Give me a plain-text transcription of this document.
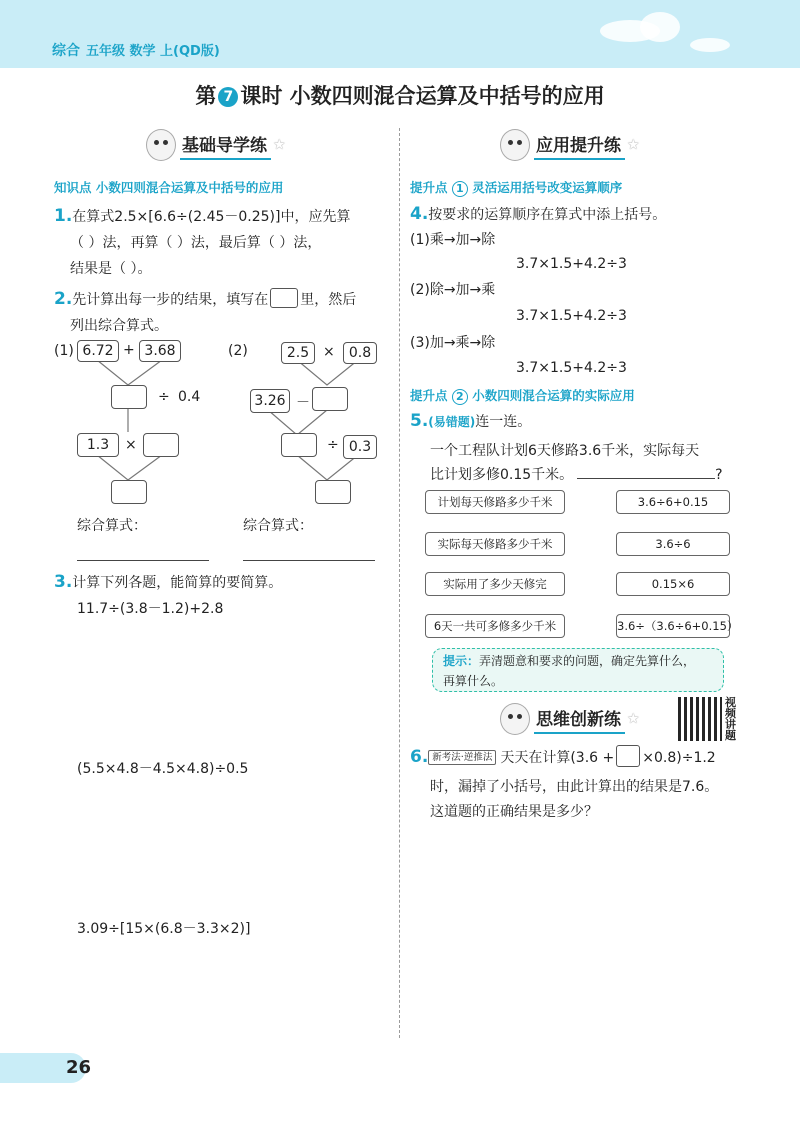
综合 五年级 数学 上(QD版)
第 7 课时 小数四则混合运算及中括号的应用
基础导学练 ★
知识点 小数四则混合运算及中括号的应用
1.在算式2.5×[6.6÷(2.45－0.25)]中，应先算
（ ）法，再算（ ）法，最后算（ ）法，
结果是（ ）。
2.先计算出每一步的结果，填写在 里，然后
列出综合算式。
(1) 6.72 + 3.68
÷ 0.4
1.3	×
综合算式：
(2)	2.5 ×	0.8
3.26 －
÷ 0.3
综合算式：
3.计算下列各题，能简算的要简算。
11.7÷(3.8－1.2)+2.8
(5.5×4.8－4.5×4.8)÷0.5
3.09÷[15×(6.8－3.3×2)]
应用提升练 ★
提升点 1 灵活运用括号改变运算顺序
4.按要求的运算顺序在算式中添上括号。
(1)乘→加→除
3.7×1.5+4.2÷3
(2)除→加→乘
3.7×1.5+4.2÷3
(3)加→乘→除
3.7×1.5+4.2÷3
提升点 2 小数四则混合运算的实际应用
5.(易错题)连一连。
一个工程队计划6天修路3.6千米，实际每天
比计划多修0.15千米。	?
计划每天修路多少千米
实际每天修路多少千米
实际用了多少天修完
6天一共可多修多少千米
3.6÷6+0.15
3.6÷6
0.15×6
3.6÷（3.6÷6+0.15）
提示：弄清题意和要求的问题，确定先算什么，
再算什么。
思维创新练 ★
视频讲题
6. 新考法·逆推法 天天在计算(3.6 + ×0.8)÷1.2
时，漏掉了小括号，由此计算出的结果是7.6。
这道题的正确结果是多少？
26
